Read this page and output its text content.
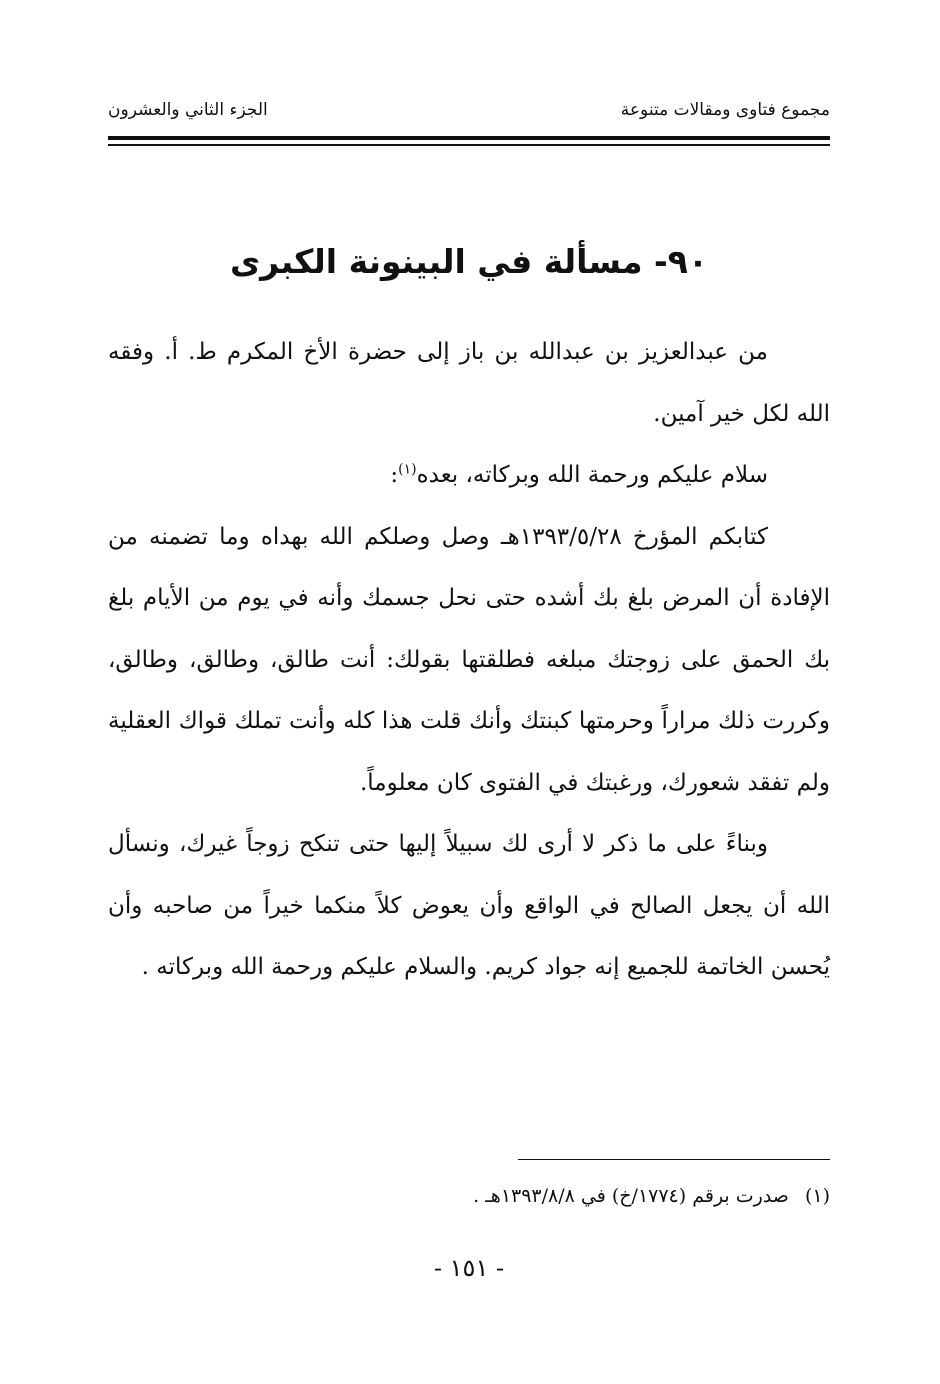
مجموع فتاوى ومقالات متنوعة
الجزء الثاني والعشرون
٩٠- مسألة في البينونة الكبرى

من عبدالعزيز بن عبدالله بن باز إلى حضرة الأخ المكرم ط. أ. وفقه الله لكل خير آمين.

سلام عليكم ورحمة الله وبركاته، بعده$^{(١)}$:

كتابكم المؤرخ ١٣٩٣/٥/٢٨هـ وصل وصلكم الله بهداه وما تضمنه من الإفادة أن المرض بلغ بك أشده حتى نحل جسمك وأنه في يوم من الأيام بلغ بك الحمق على زوجتك مبلغه فطلقتها بقولك: أنت طالق، وطالق، وطالق، وكررت ذلك مراراً وحرمتها كبنتك وأنك قلت هذا كله وأنت تملك قواك العقلية ولم تفقد شعورك، ورغبتك في الفتوى كان معلوماً.

وبناءً على ما ذكر لا أرى لك سبيلاً إليها حتى تنكح زوجاً غيرك، ونسأل الله أن يجعل الصالح في الواقع وأن يعوض كلاً منكما خيراً من صاحبه وأن يُحسن الخاتمة للجميع إنه جواد كريم. والسلام عليكم ورحمة الله وبركاته .

(١)صدرت برقم (١٧٧٤/خ) في ١٣٩٣/٨/٨هـ .
- ١٥١ -
